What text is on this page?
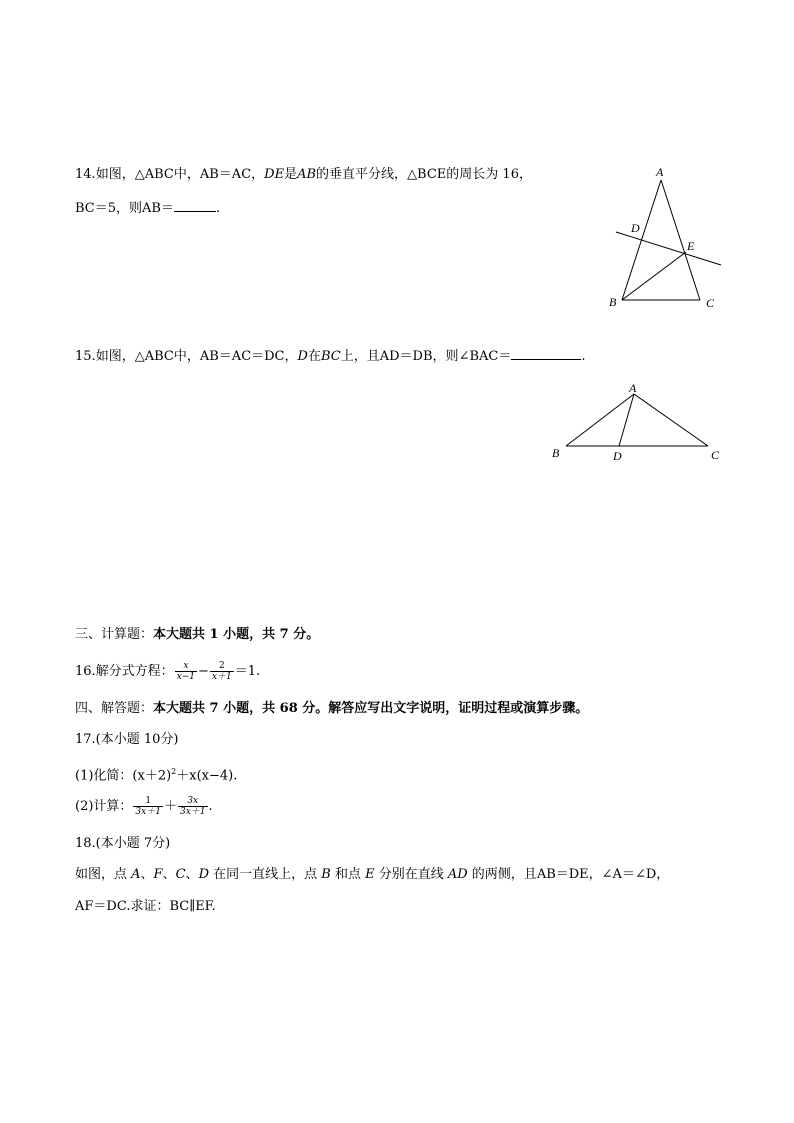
14.如图，△ABC中，AB＝AC，DE是AB的垂直平分线，△BCE的周长为 16，
BC＝5，则AB＝	.
A
D
E
B	C
15.如图，△ABC中，AB＝AC＝DC，D在BC上，且AD＝DB，则∠BAC＝	.
A
B	D	C
三、计算题：本大题共 1 小题，共 7 分。
16.解分式方程： $\frac{x}{x-1} - \frac{2}{x+1} =1$.
四、解答题：本大题共 7 小题，共 68 分。解答应写出文字说明，证明过程或演算步骤。
17.(本小题 10分)
(1)化简：$(x+2)^2+x(x-4)$.
(2)计算： $\frac{1}{3x+1} + \frac{3x}{3x+1}$ .
18.(本小题 7分)
如图，点 A、F、C、D 在同一直线上，点 B 和点 E 分别在直线 AD 的两侧，且AB＝DE，∠A＝∠D，
AF＝DC.求证：BC∥EF.
